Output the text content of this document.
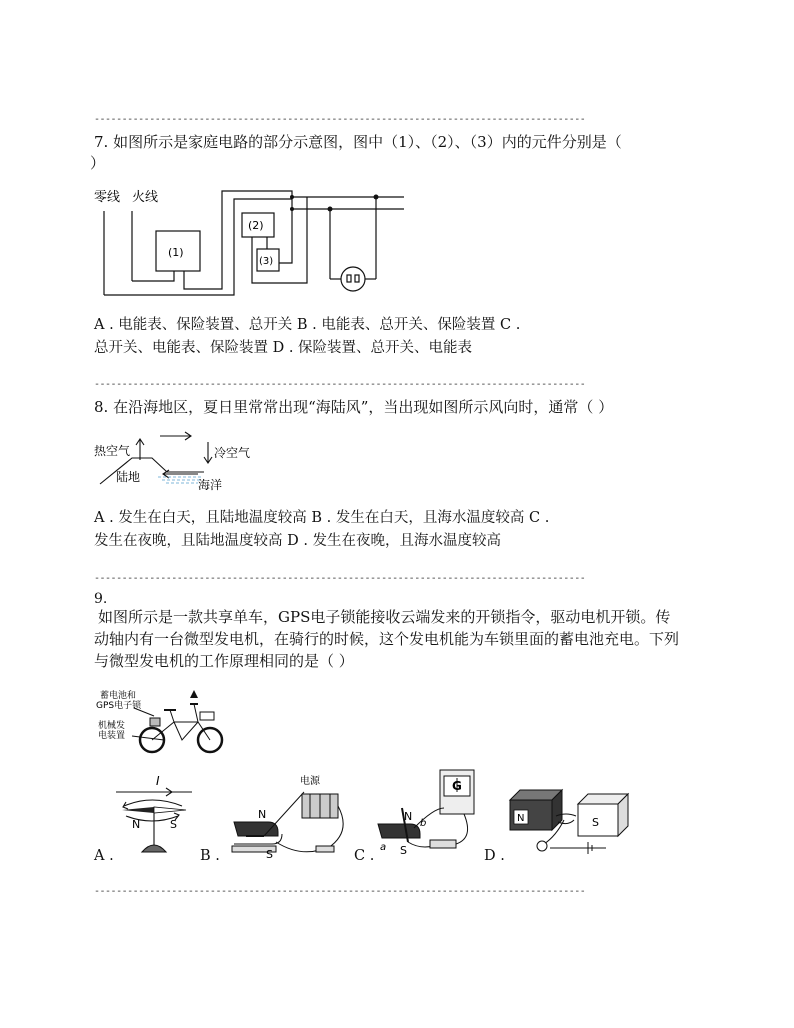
-----------------------------------------------------------------------------------------
-----------------------------------------------------------------------------------------
-----------------------------------------------------------------------------------------
-----------------------------------------------------------------------------------------
7. 如图所示是家庭电路的部分示意图，图中（1）、（2）、（3）内的元件分别是（
）
零线 火线
(1)
(2)
(3)
A . 电能表、保险装置、总开关 B . 电能表、总开关、保险装置 C .
总开关、电能表、保险装置 D . 保险装置、总开关、电能表
8. 在沿海地区，夏日里常常出现“海陆风”，当出现如图所示风向时，通常（ ）
热空气	冷空气
陆地
海洋
A . 发生在白天，且陆地温度较高 B . 发生在白天，且海水温度较高 C .
发生在夜晚，且陆地温度较高 D . 发生在夜晚，且海水温度较高
9.
如图所示是一款共享单车，GPS电子锁能接收云端发来的开锁指令，驱动电机开锁。传
动轴内有一台微型发电机，在骑行的时候，这个发电机能为车锁里面的蓄电池充电。下列
与微型发电机的工作原理相同的是（ ）
蓄电池和
GPS电子锁
机械发
电装置
I
N	S
电源
N
S
G
N
S
a
b	N	S
A .	B .	C .	D .
